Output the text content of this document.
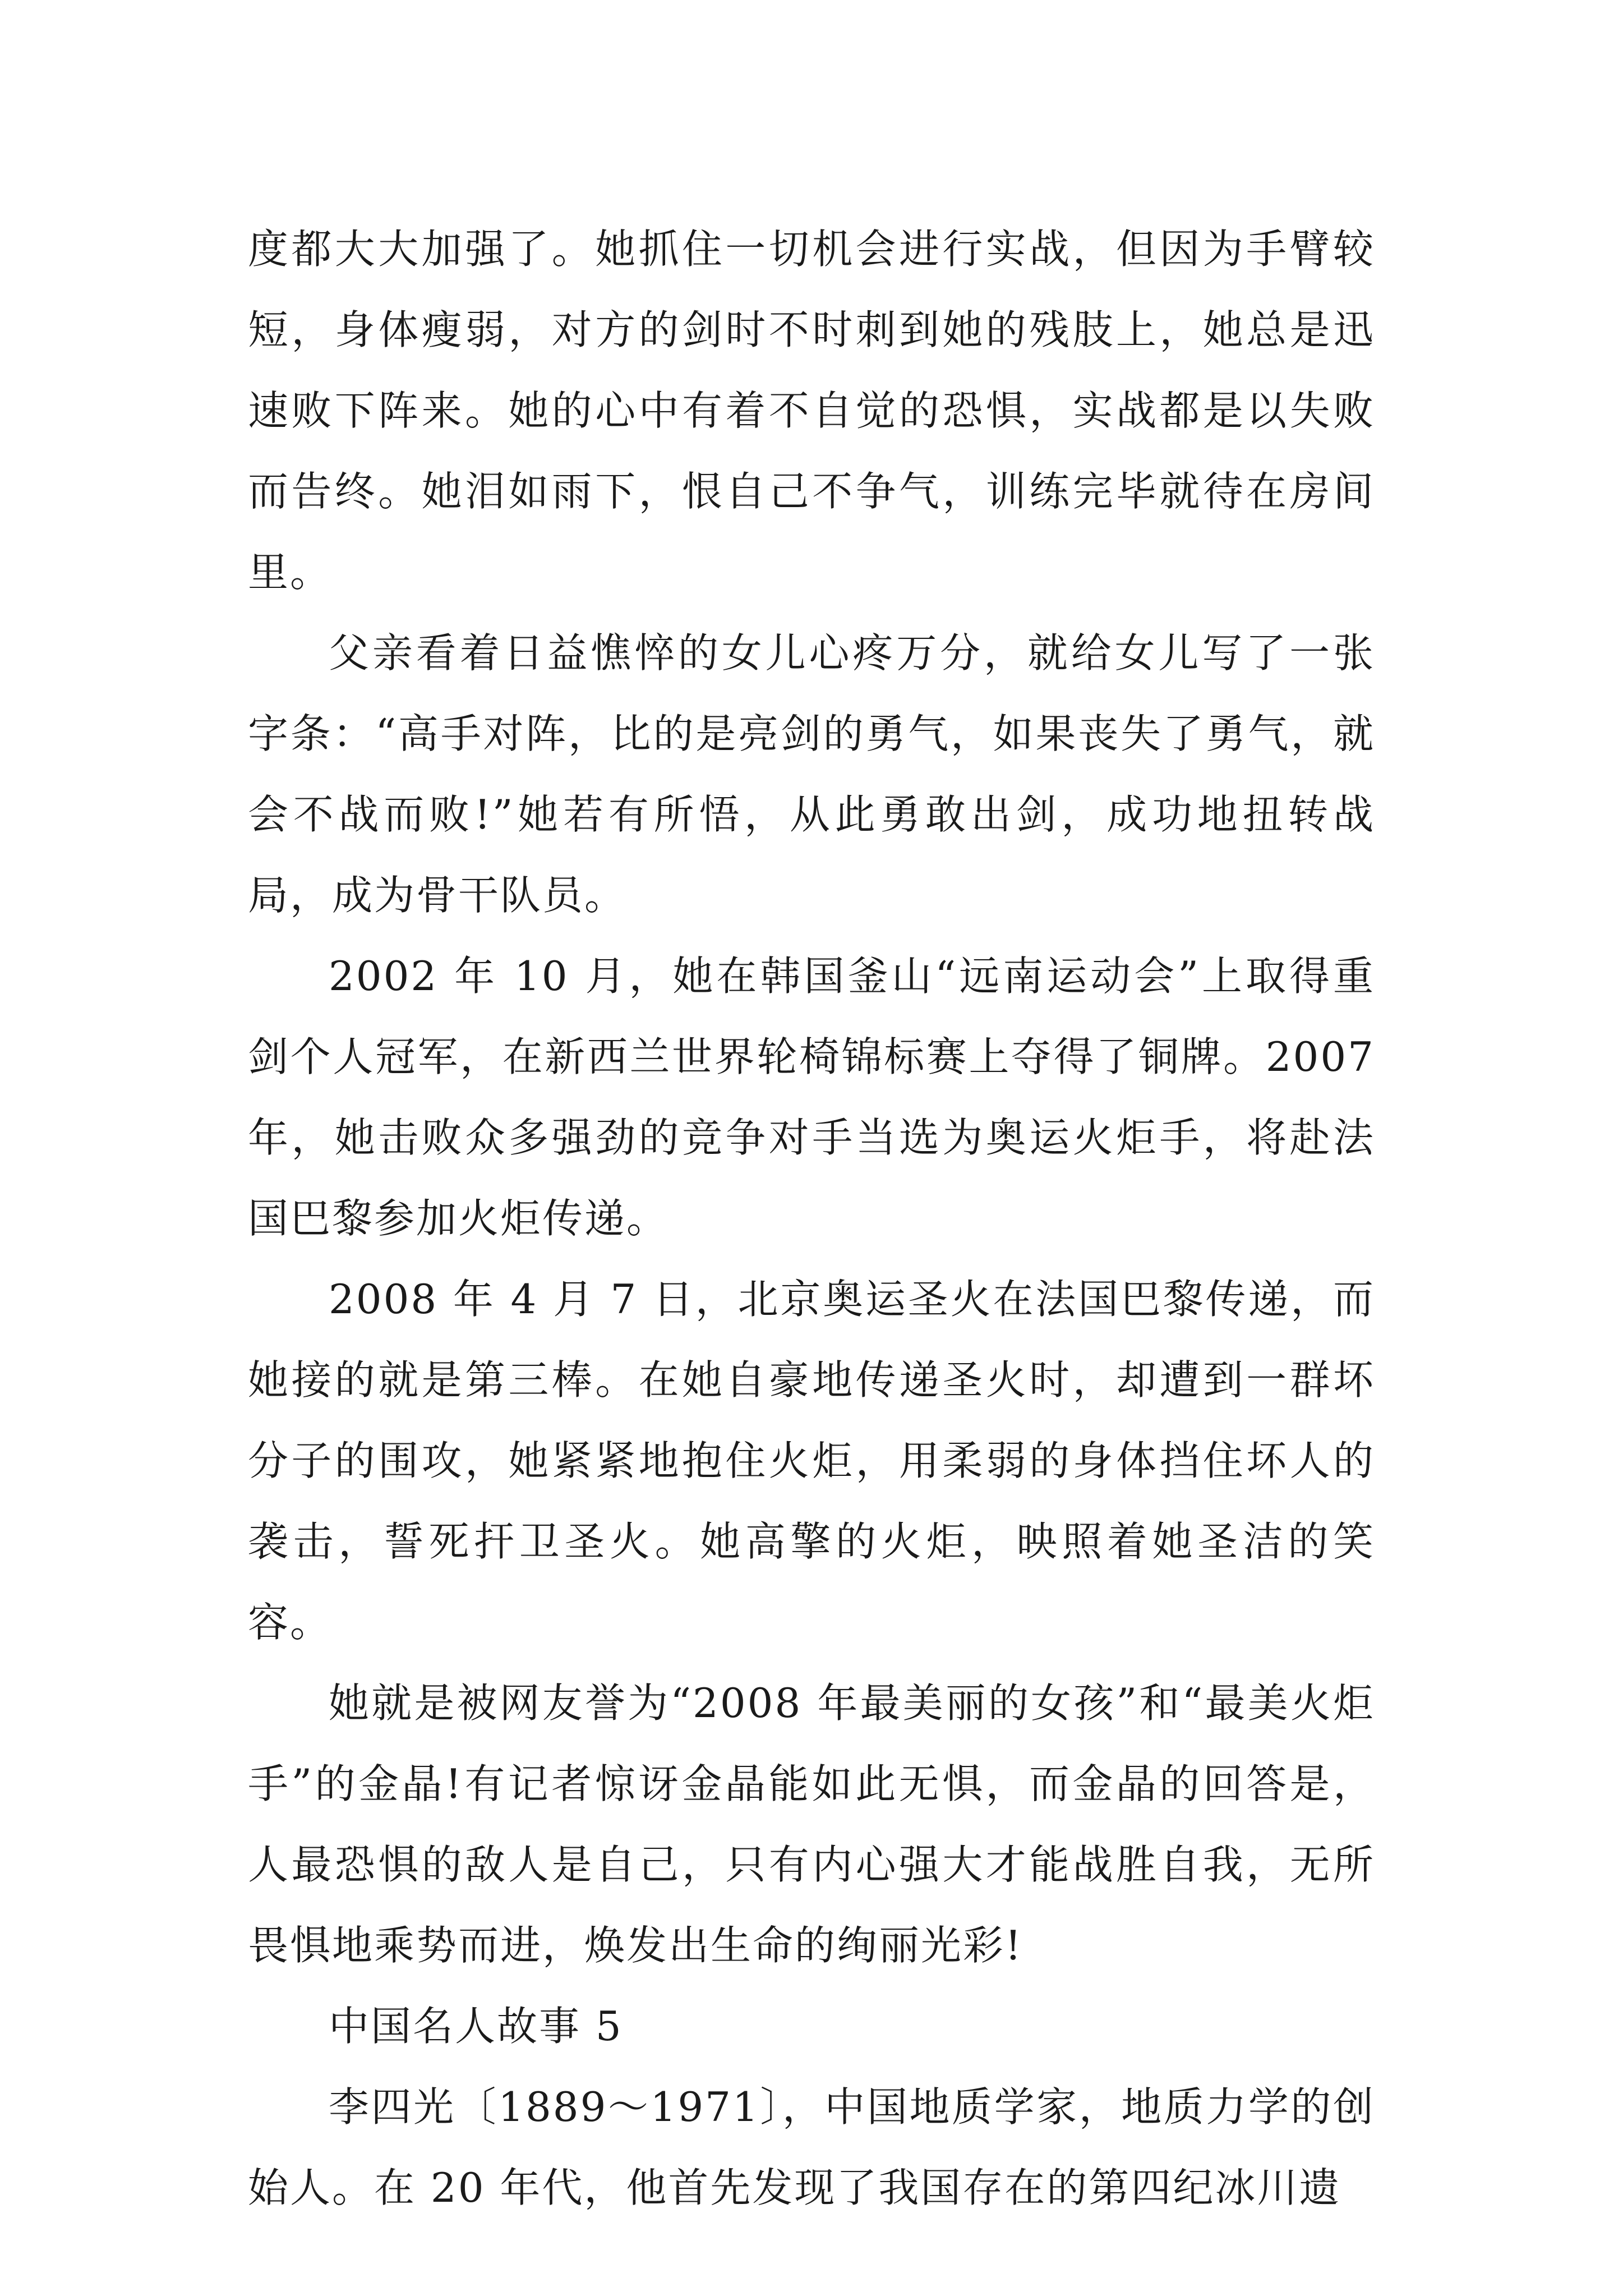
度都大大加强了。她抓住一切机会进行实战，但因为手臂较短，身体瘦弱，对方的剑时不时刺到她的残肢上，她总是迅速败下阵来。她的心中有着不自觉的恐惧，实战都是以失败而告终。她泪如雨下，恨自己不争气，训练完毕就待在房间里。

父亲看着日益憔悴的女儿心疼万分，就给女儿写了一张字条：“高手对阵，比的是亮剑的勇气，如果丧失了勇气，就会不战而败!”她若有所悟，从此勇敢出剑，成功地扭转战局，成为骨干队员。

2002 年 10 月，她在韩国釜山“远南运动会”上取得重剑个人冠军，在新西兰世界轮椅锦标赛上夺得了铜牌。2007 年，她击败众多强劲的竞争对手当选为奥运火炬手，将赴法国巴黎参加火炬传递。

2008 年 4 月 7 日，北京奥运圣火在法国巴黎传递，而她接的就是第三棒。在她自豪地传递圣火时，却遭到一群坏分子的围攻，她紧紧地抱住火炬，用柔弱的身体挡住坏人的袭击，誓死扞卫圣火。她高擎的火炬，映照着她圣洁的笑容。

她就是被网友誉为“2008 年最美丽的女孩”和“最美火炬手”的金晶!有记者惊讶金晶能如此无惧，而金晶的回答是，人最恐惧的敌人是自己，只有内心强大才能战胜自我，无所畏惧地乘势而进，焕发出生命的绚丽光彩!

中国名人故事 5

李四光〔1889～1971〕，中国地质学家，地质力学的创始人。在 20 年代，他首先发现了我国存在的第四纪冰川遗
